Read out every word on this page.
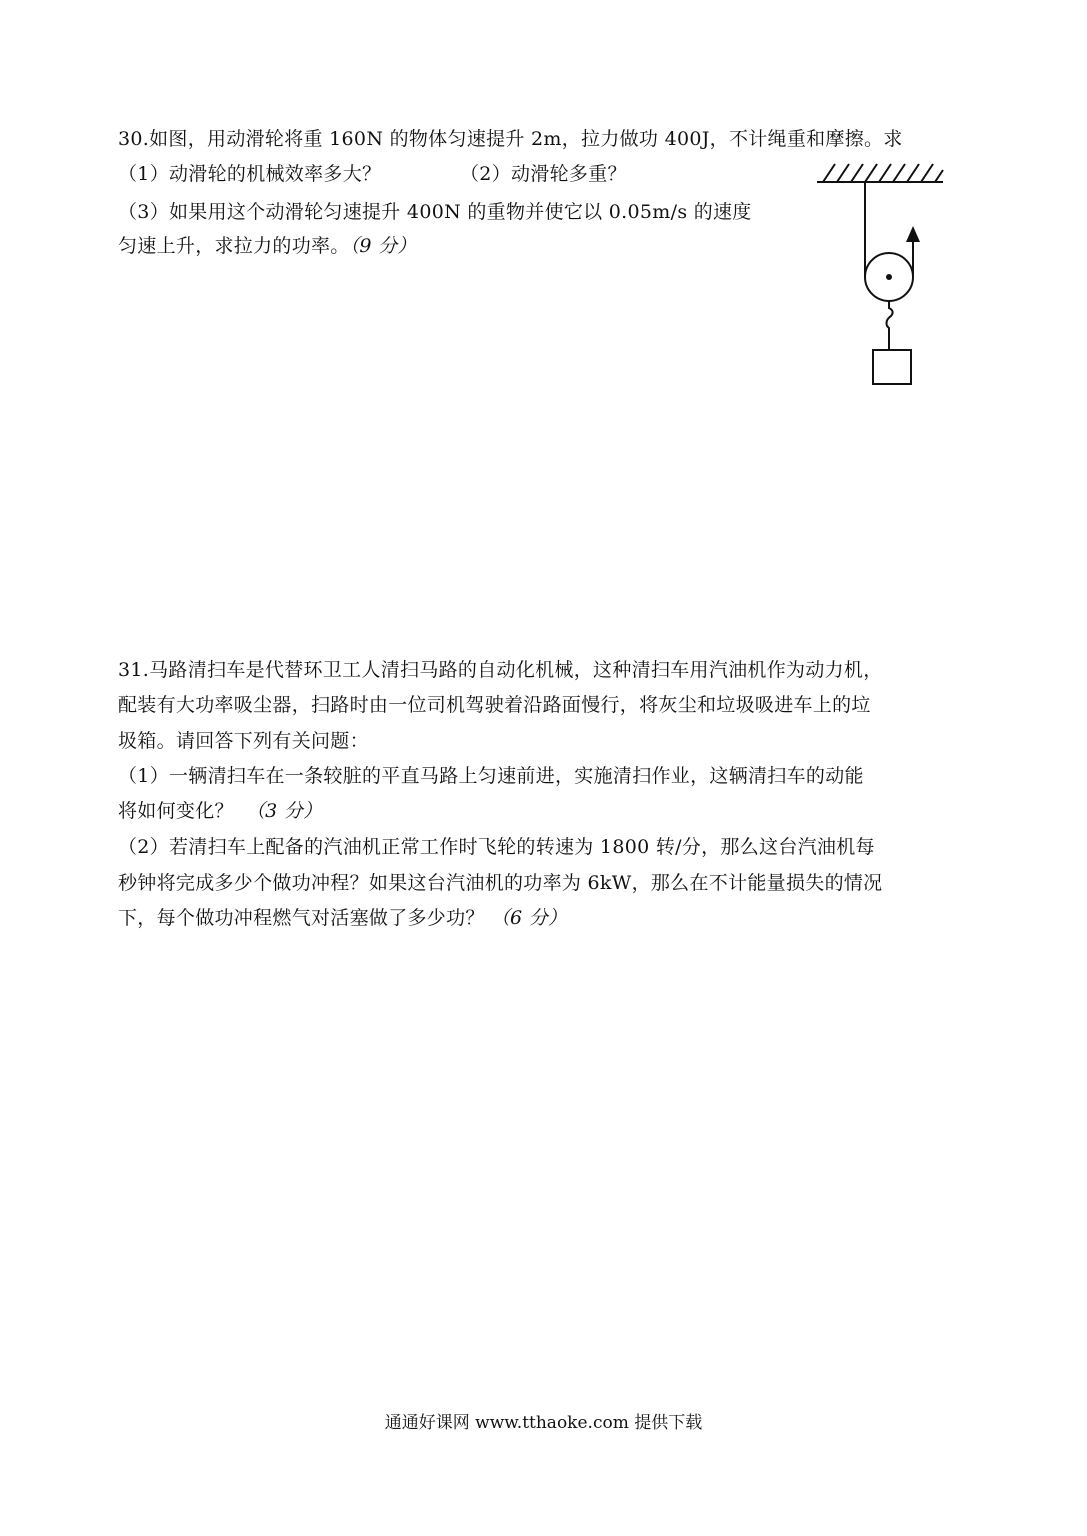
30.如图，用动滑轮将重 160N 的物体匀速提升 2m，拉力做功 400J，不计绳重和摩擦。求
（1）动滑轮的机械效率多大？	（2）动滑轮多重？
（3）如果用这个动滑轮匀速提升 400N 的重物并使它以 0.05m/s 的速度
匀速上升，求拉力的功率。（9 分）
31.马路清扫车是代替环卫工人清扫马路的自动化机械，这种清扫车用汽油机作为动力机，
配装有大功率吸尘器，扫路时由一位司机驾驶着沿路面慢行，将灰尘和垃圾吸进车上的垃
圾箱。请回答下列有关问题：
（1）一辆清扫车在一条较脏的平直马路上匀速前进，实施清扫作业，这辆清扫车的动能
将如何变化？ （3 分）
（2）若清扫车上配备的汽油机正常工作时飞轮的转速为 1800 转/分，那么这台汽油机每
秒钟将完成多少个做功冲程？如果这台汽油机的功率为 6kW，那么在不计能量损失的情况
下，每个做功冲程燃气对活塞做了多少功？ （6 分）
通通好课网 www.tthaoke.com 提供下载
